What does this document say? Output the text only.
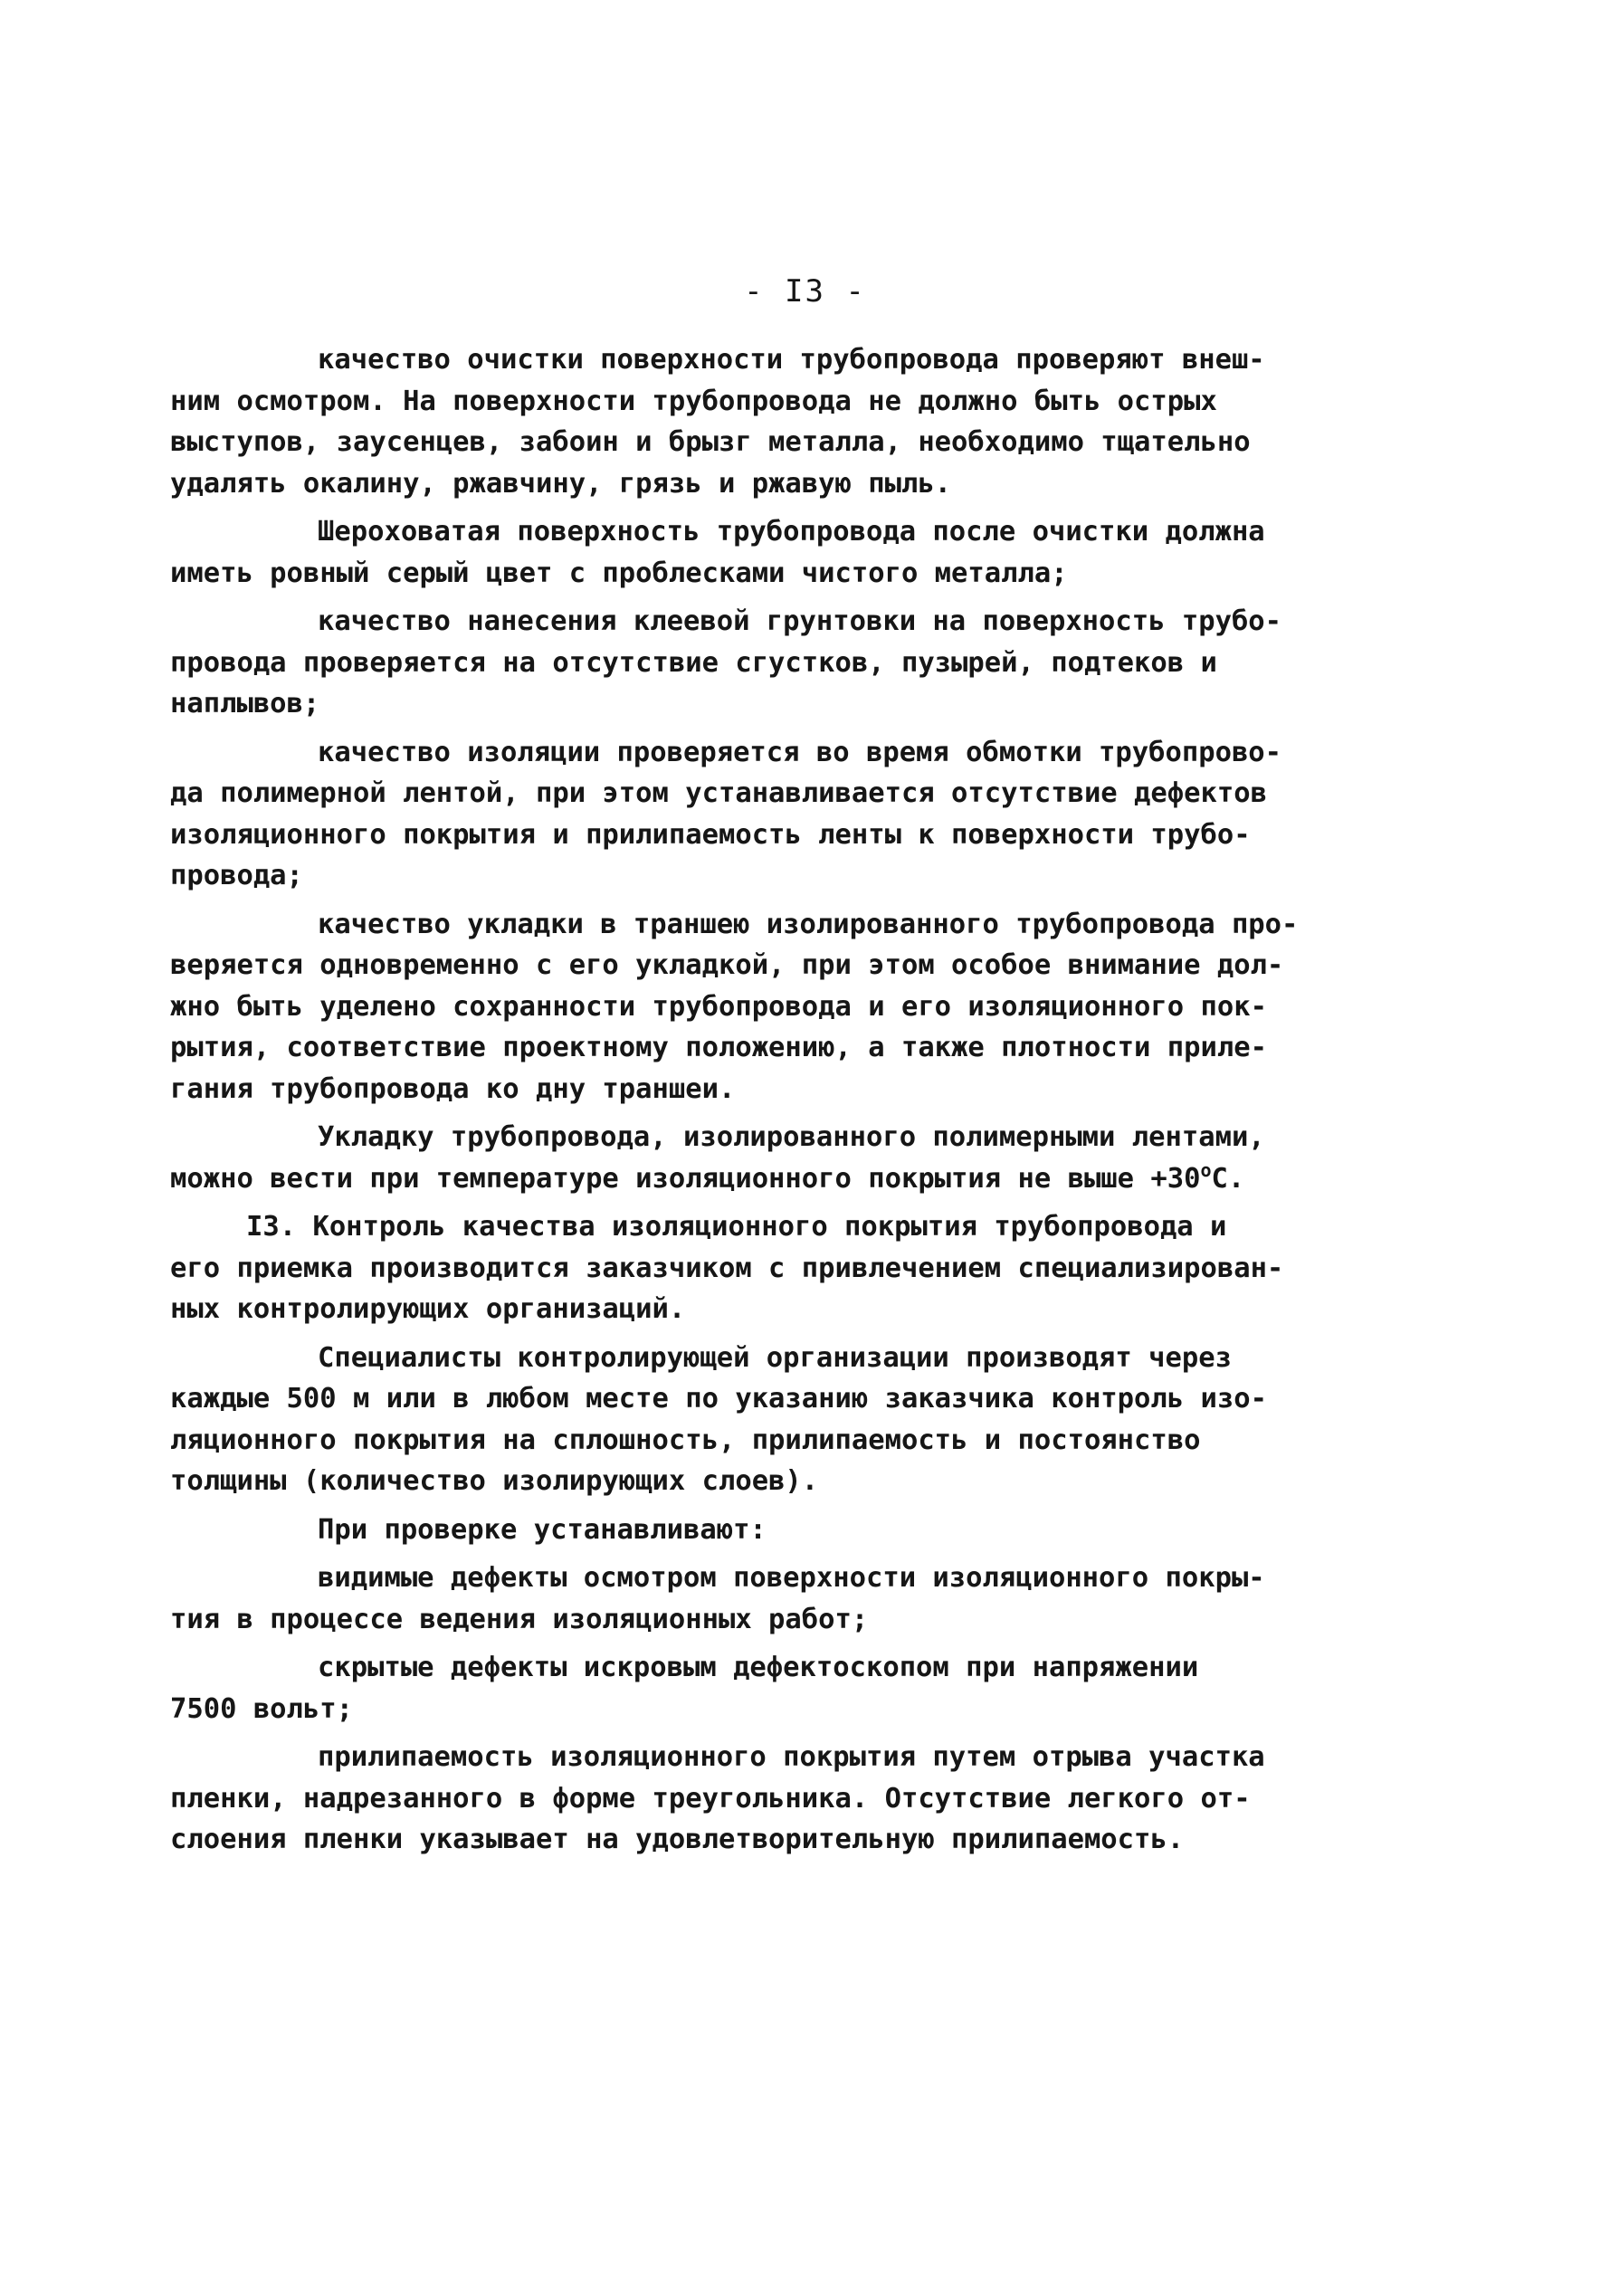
- I3 -

качество очистки поверхности трубопровода проверяют внеш-
ним осмотром. На поверхности трубопровода не должно быть острых
выступов, заусенцев, забоин и брызг металла, необходимо тщательно
удалять окалину, ржавчину, грязь и ржавую пыль.

Шероховатая поверхность трубопровода после очистки должна
иметь ровный серый цвет с проблесками чистого металла;

качество нанесения клеевой грунтовки на поверхность трубо-
провода проверяется на отсутствие сгустков, пузырей, подтеков и
наплывов;

качество изоляции проверяется во время обмотки трубопрово-
да полимерной лентой, при этом устанавливается отсутствие дефектов
изоляционного покрытия и прилипаемость ленты к поверхности трубо-
провода;

качество укладки в траншею изолированного трубопровода про-
веряется одновременно с его укладкой, при этом особое внимание дол-
жно быть уделено сохранности трубопровода и его изоляционного пок-
рытия, соответствие проектному положению, а также плотности приле-
гания трубопровода ко дну траншеи.

Укладку трубопровода, изолированного полимерными лентами,
можно вести при температуре изоляционного покрытия не выше $+30^oС$.

I3. Контроль качества изоляционного покрытия трубопровода и
его приемка производится заказчиком с привлечением специализирован-
ных контролирующих организаций.

Специалисты контролирующей организации производят через
каждые 500 м или в любом месте по указанию заказчика контроль изо-
ляционного покрытия на сплошность, прилипаемость и постоянство
толщины (количество изолирующих слоев).

При проверке устанавливают:

видимые дефекты осмотром поверхности изоляционного покры-
тия в процессе ведения изоляционных работ;

скрытые дефекты искровым дефектоскопом при напряжении
7500 вольт;

прилипаемость изоляционного покрытия путем отрыва участка
пленки, надрезанного в форме треугольника. Отсутствие легкого от-
слоения пленки указывает на удовлетворительную прилипаемость.
